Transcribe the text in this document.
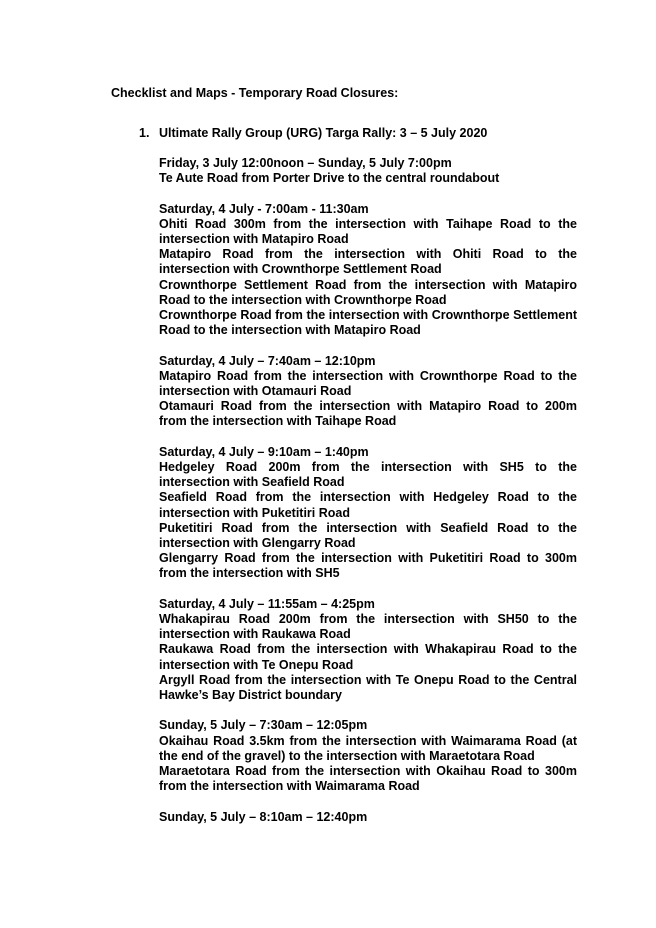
Checklist and Maps - Temporary Road Closures:
1. Ultimate Rally Group (URG) Targa Rally: 3 – 5 July 2020
Friday, 3 July 12:00noon – Sunday, 5 July 7:00pm
Te Aute Road from Porter Drive to the central roundabout
Saturday, 4 July - 7:00am - 11:30am
Ohiti Road 300m from the intersection with Taihape Road to the intersection with Matapiro Road
Matapiro Road from the intersection with Ohiti Road to the intersection with Crownthorpe Settlement Road
Crownthorpe Settlement Road from the intersection with Matapiro Road to the intersection with Crownthorpe Road
Crownthorpe Road from the intersection with Crownthorpe Settlement Road to the intersection with Matapiro Road
Saturday, 4 July – 7:40am – 12:10pm
Matapiro Road from the intersection with Crownthorpe Road to the intersection with Otamauri Road
Otamauri Road from the intersection with Matapiro Road to 200m from the intersection with Taihape Road
Saturday, 4 July – 9:10am – 1:40pm
Hedgeley Road 200m from the intersection with SH5 to the intersection with Seafield Road
Seafield Road from the intersection with Hedgeley Road to the intersection with Puketitiri Road
Puketitiri Road from the intersection with Seafield Road to the intersection with Glengarry Road
Glengarry Road from the intersection with Puketitiri Road to 300m from the intersection with SH5
Saturday, 4 July – 11:55am – 4:25pm
Whakapirau Road 200m from the intersection with SH50 to the intersection with Raukawa Road
Raukawa Road from the intersection with Whakapirau Road to the intersection with Te Onepu Road
Argyll Road from the intersection with Te Onepu Road to the Central Hawke’s Bay District boundary
Sunday, 5 July – 7:30am – 12:05pm
Okaihau Road 3.5km from the intersection with Waimarama Road (at the end of the gravel) to the intersection with Maraetotara Road
Maraetotara Road from the intersection with Okaihau Road to 300m from the intersection with Waimarama Road
Sunday, 5 July – 8:10am – 12:40pm
